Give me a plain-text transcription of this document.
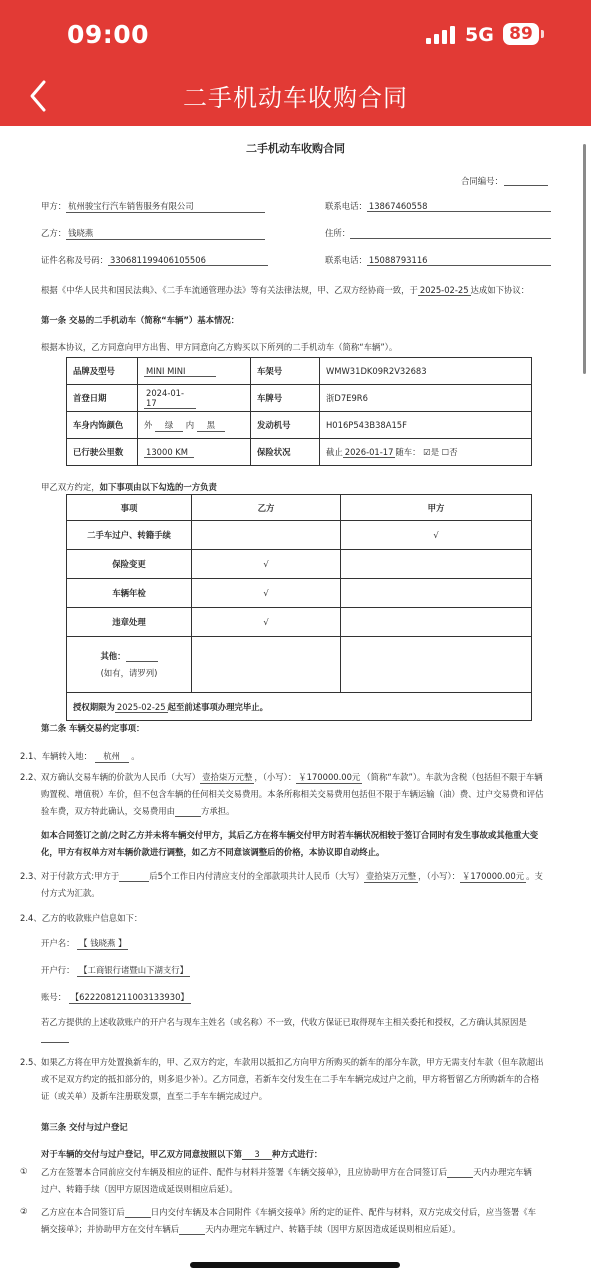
09:00	5G 89
二手机动车收购合同
二手机动车收购合同
合同编号：
甲方： 杭州骏宝行汽车销售服务有限公司	联系电话： 13867460558
乙方： 钱晓燕	住所：
证件名称及号码： 330681199406105506	联系电话： 15088793116
根据《中华人民共和国民法典》、《二手车流通管理办法》等有关法律法规，甲、乙双方经协商一致，于 2025-02-25 达成如下协议：
第一条 交易的二手机动车（简称“车辆”）基本情况：
根据本协议，乙方同意向甲方出售、甲方同意向乙方购买以下所列的二手机动车（简称“车辆”）。
品牌及型号	MINI MINI	车架号	WMW31DK09R2V32683
首登日期	2024-01-17	车牌号	浙D7E9R6
车身内饰颜色	外 绿 内 黑	发动机号	H016P543B38A15F
已行驶公里数	13000 KM	保险状况	截止 2026-01-17 随车： ☑是 ☐否
甲乙双方约定，如下事项由以下勾选的一方负责
事项	乙方	甲方
二手车过户、转籍手续		√
保险变更	√	
车辆年检	√	
违章处理	√	

其他：
(如有，请罗列)		

授权期限为 2025-02-25 起至前述事项办理完毕止。		
第二条 车辆交易约定事项：
2.1、车辆转入地： 杭州 。
2.2、 双方确认交易车辆的价款为人民币（大写） 壹拾柒万元整 ，（小写）： ￥170000.00元 （简称“车款”）。车款为含税（包括但不限于车辆
购置税、增值税）车价，但不包含车辆的任何相关交易费用。本条所称相关交易费用包括但不限于车辆运输（油）费、过户交易费和评估
验车费，双方特此确认，交易费用由	方承担。
如本合同签订之前/之时乙方并未将车辆交付甲方，其后乙方在将车辆交付甲方时若车辆状况相较于签订合同时有发生事故或其他重大变
化，甲方有权单方对车辆价款进行调整，如乙方不同意该调整后的价格，本协议即自动终止。
2.3、 对于付款方式:甲方于	后5个工作日内付清应支付的全部款项共计人民币（大写） 壹拾柒万元整 ，（小写）： ￥170000.00元 。支
付方式为汇款。
2.4、乙方的收款账户信息如下：
开户名： 【 钱晓燕 】
开户行： 【工商银行诸暨山下湖支行】
账号： 【6222081211003133930】
若乙方提供的上述收款账户的开户名与现车主姓名（或名称）不一致，代收方保证已取得现车主相关委托和授权，乙方确认其原因是
2.5、 如果乙方将在甲方处置换新车的，甲、乙双方约定，车款用以抵扣乙方向甲方所购买的新车的部分车款，甲方无需支付车款（但车款超出
或不足双方约定的抵扣部分的，则多退少补）。乙方同意，若新车交付发生在二手车车辆完成过户之前，甲方将暂留乙方所购新车的合格
证（或关单）及新车注册联发票，直至二手车车辆完成过户。
第三条 交付与过户登记
对于车辆的交付与过户登记，甲乙双方同意按照以下第 3 种方式进行：
① 乙方在签署本合同前应交付车辆及相应的证件、配件与材料并签署《车辆交接单》，且应协助甲方在合同签订后	天内办理完车辆
过户、转籍手续（因甲方原因造成延误则相应后延）。
② 乙方应在本合同签订后	日内交付车辆及本合同附件《车辆交接单》所约定的证件、配件与材料，双方完成交付后，应当签署《车
辆交接单》；并协助甲方在交付车辆后	天内办理完车辆过户、转籍手续（因甲方原因造成延误则相应后延）。
